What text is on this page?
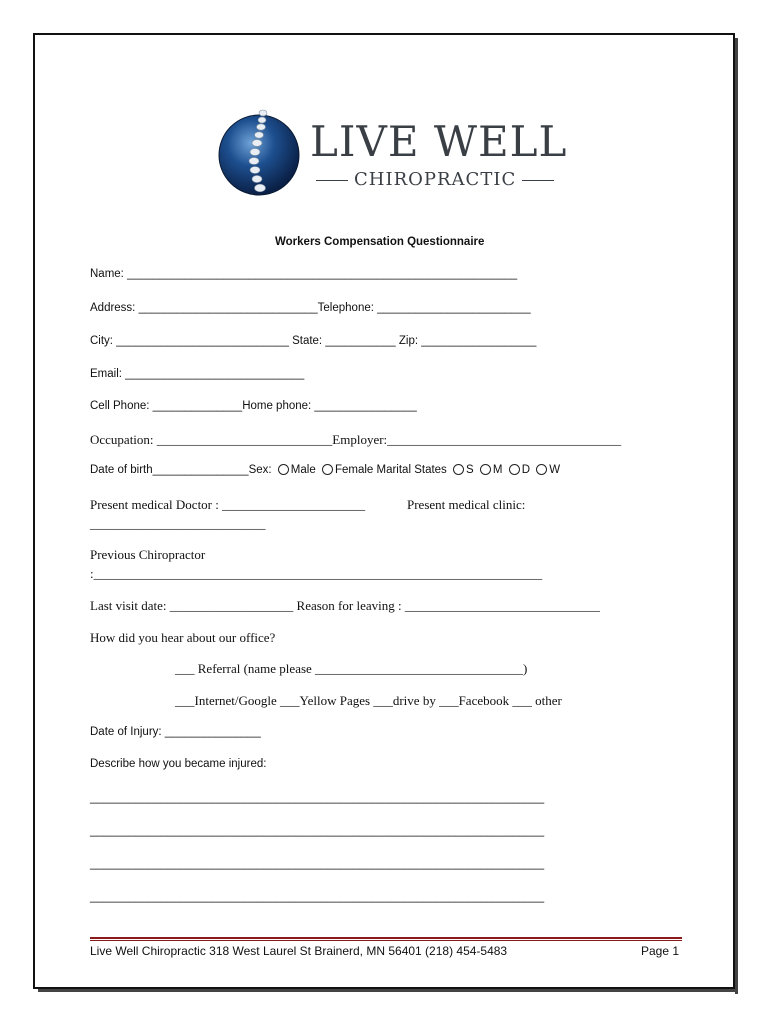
LIVE WELL
CHIROPRACTIC
Workers Compensation Questionnaire
Name: _____________________________________________________________
Address: ____________________________Telephone: ________________________
City: ___________________________ State: ___________ Zip: __________________
Email: ____________________________
Cell Phone: ______________Home phone: ________________
Occupation: ___________________________Employer:____________________________________
Date of birth_______________Sex: Male Female Marital States S M D W
Present medical Doctor : ______________________	Present medical clinic:
___________________________
Previous Chiropractor
:_____________________________________________________________________
Last visit date: ___________________ Reason for leaving : ______________________________
How did you hear about our office?
___ Referral (name please ________________________________)
___Internet/Google ___Yellow Pages ___drive by ___Facebook ___ other
Date of Injury: _______________
Describe how you became injured:
_______________________________________________________________________
_______________________________________________________________________
_______________________________________________________________________
_______________________________________________________________________
Live Well Chiropractic 318 West Laurel St Brainerd, MN 56401 (218) 454-5483	Page 1
